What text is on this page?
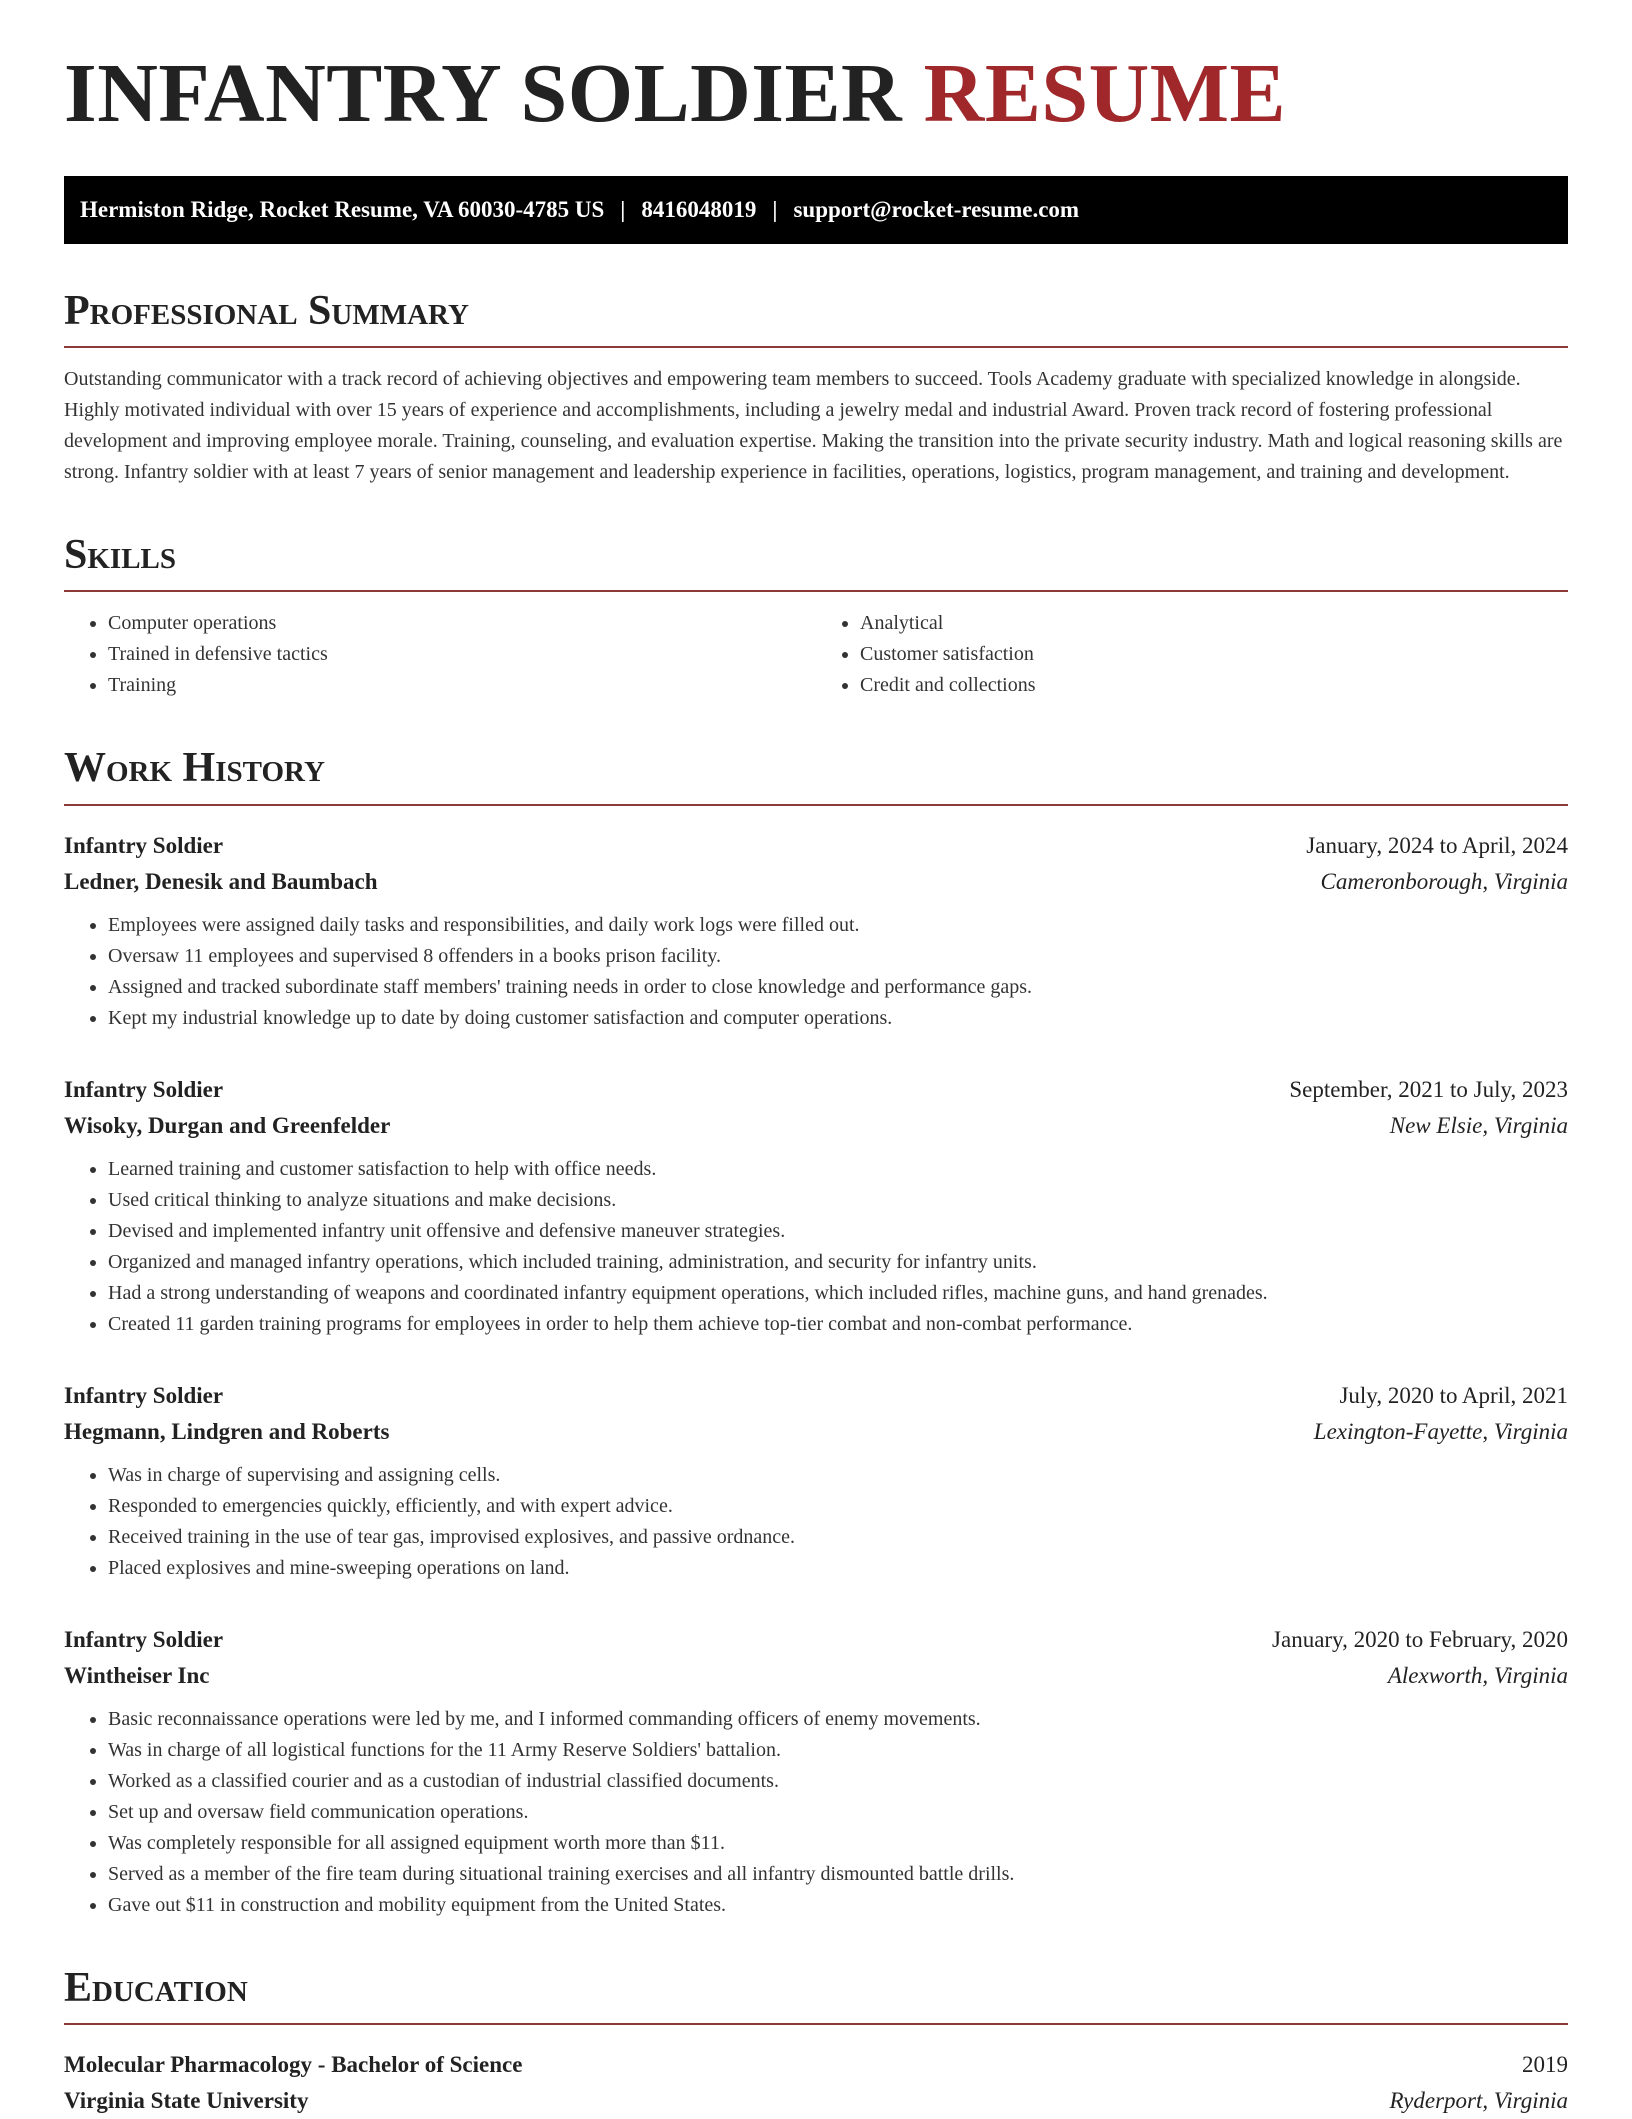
INFANTRY SOLDIER RESUME
Hermiston Ridge, Rocket Resume, VA 60030-4785 US | 8416048019 | support@rocket-resume.com
Professional Summary
Outstanding communicator with a track record of achieving objectives and empowering team members to succeed. Tools Academy graduate with specialized knowledge in alongside. Highly motivated individual with over 15 years of experience and accomplishments, including a jewelry medal and industrial Award. Proven track record of fostering professional development and improving employee morale. Training, counseling, and evaluation expertise. Making the transition into the private security industry. Math and logical reasoning skills are strong. Infantry soldier with at least 7 years of senior management and leadership experience in facilities, operations, logistics, program management, and training and development.
Skills
• Computer operations
• Trained in defensive tactics
• Training
• Analytical
• Customer satisfaction
• Credit and collections
Work History
Infantry Soldier	January, 2024 to April, 2024
Ledner, Denesik and Baumbach	Cameronborough, Virginia
• Employees were assigned daily tasks and responsibilities, and daily work logs were filled out.
• Oversaw 11 employees and supervised 8 offenders in a books prison facility.
• Assigned and tracked subordinate staff members' training needs in order to close knowledge and performance gaps.
• Kept my industrial knowledge up to date by doing customer satisfaction and computer operations.
Infantry Soldier	September, 2021 to July, 2023
Wisoky, Durgan and Greenfelder	New Elsie, Virginia
• Learned training and customer satisfaction to help with office needs.
• Used critical thinking to analyze situations and make decisions.
• Devised and implemented infantry unit offensive and defensive maneuver strategies.
• Organized and managed infantry operations, which included training, administration, and security for infantry units.
• Had a strong understanding of weapons and coordinated infantry equipment operations, which included rifles, machine guns, and hand grenades.
• Created 11 garden training programs for employees in order to help them achieve top-tier combat and non-combat performance.
Infantry Soldier	July, 2020 to April, 2021
Hegmann, Lindgren and Roberts	Lexington-Fayette, Virginia
• Was in charge of supervising and assigning cells.
• Responded to emergencies quickly, efficiently, and with expert advice.
• Received training in the use of tear gas, improvised explosives, and passive ordnance.
• Placed explosives and mine-sweeping operations on land.
Infantry Soldier	January, 2020 to February, 2020
Wintheiser Inc	Alexworth, Virginia
• Basic reconnaissance operations were led by me, and I informed commanding officers of enemy movements.
• Was in charge of all logistical functions for the 11 Army Reserve Soldiers' battalion.
• Worked as a classified courier and as a custodian of industrial classified documents.
• Set up and oversaw field communication operations.
• Was completely responsible for all assigned equipment worth more than $11.
• Served as a member of the fire team during situational training exercises and all infantry dismounted battle drills.
• Gave out $11 in construction and mobility equipment from the United States.
Education
Molecular Pharmacology - Bachelor of Science	2019
Virginia State University	Ryderport, Virginia
